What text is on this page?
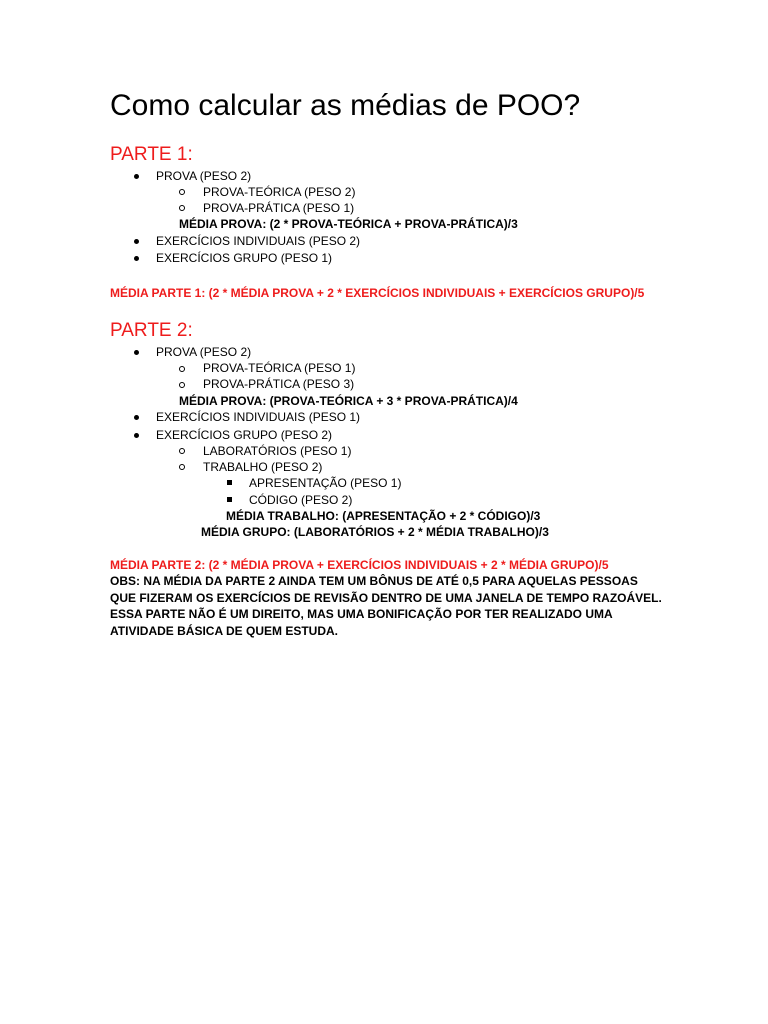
Como calcular as médias de POO?
PARTE 1:
PROVA (PESO 2)
PROVA-TEÓRICA (PESO 2)
PROVA-PRÁTICA (PESO 1)
MÉDIA PROVA: (2 * PROVA-TEÓRICA + PROVA-PRÁTICA)/3
EXERCÍCIOS INDIVIDUAIS (PESO 2)
EXERCÍCIOS GRUPO (PESO 1)
MÉDIA PARTE 1: (2 * MÉDIA PROVA + 2 * EXERCÍCIOS INDIVIDUAIS + EXERCÍCIOS GRUPO)/5
PARTE 2:
PROVA (PESO 2)
PROVA-TEÓRICA (PESO 1)
PROVA-PRÁTICA (PESO 3)
MÉDIA PROVA: (PROVA-TEÓRICA + 3 * PROVA-PRÁTICA)/4
EXERCÍCIOS INDIVIDUAIS (PESO 1)
EXERCÍCIOS GRUPO (PESO 2)
LABORATÓRIOS (PESO 1)
TRABALHO (PESO 2)
APRESENTAÇÃO (PESO 1)
CÓDIGO (PESO 2)
MÉDIA TRABALHO: (APRESENTAÇÃO + 2 * CÓDIGO)/3
MÉDIA GRUPO: (LABORATÓRIOS + 2 * MÉDIA TRABALHO)/3
MÉDIA PARTE 2: (2 * MÉDIA PROVA + EXERCÍCIOS INDIVIDUAIS + 2 * MÉDIA GRUPO)/5
OBS: NA MÉDIA DA PARTE 2 AINDA TEM UM BÔNUS DE ATÉ 0,5 PARA AQUELAS PESSOAS
QUE FIZERAM OS EXERCÍCIOS DE REVISÃO DENTRO DE UMA JANELA DE TEMPO RAZOÁVEL.
ESSA PARTE NÃO É UM DIREITO, MAS UMA BONIFICAÇÃO POR TER REALIZADO UMA
ATIVIDADE BÁSICA DE QUEM ESTUDA.
